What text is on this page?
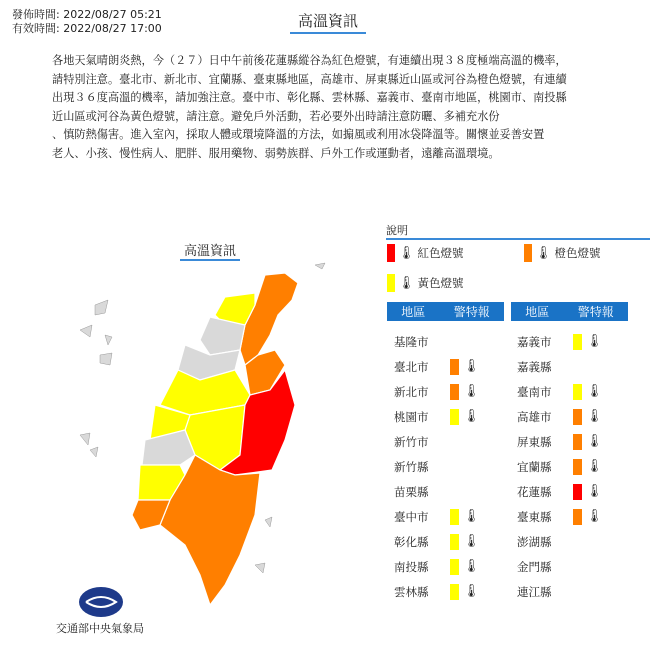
發佈時間: 2022/08/27 05:21
有效時間: 2022/08/27 17:00	高溫資訊
各地天氣晴朗炎熱，今（２７）日中午前後花蓮縣縱谷為紅色燈號，有連續出現３８度極端高溫的機率，
請特別注意。臺北市、新北市、宜蘭縣、臺東縣地區，高雄市、屏東縣近山區或河谷為橙色燈號，有連續
出現３６度高溫的機率，請加強注意。臺中市、彰化縣、雲林縣、嘉義市、臺南市地區，桃園市、南投縣
近山區或河谷為黃色燈號，請注意。避免戶外活動，若必要外出時請注意防曬、多補充水份
、慎防熱傷害。進入室內，採取人體或環境降溫的方法，如搧風或利用冰袋降溫等。關懷並妥善安置
老人、小孩、慢性病人、肥胖、服用藥物、弱勢族群、戶外工作或運動者，遠離高溫環境。
高溫資訊
交通部中央氣象局
說明
🌡 紅色燈號	🌡 橙色燈號
🌡 黃色燈號
地區 警特報	地區 警特報
基隆市
臺北市	🌡
新北市	🌡
桃園市	🌡
新竹市
新竹縣
苗栗縣
臺中市	🌡
彰化縣	🌡
南投縣	🌡
雲林縣	🌡
嘉義市	🌡
嘉義縣
臺南市	🌡
高雄市	🌡
屏東縣	🌡
宜蘭縣	🌡
花蓮縣	🌡
臺東縣	🌡
澎湖縣
金門縣
連江縣
